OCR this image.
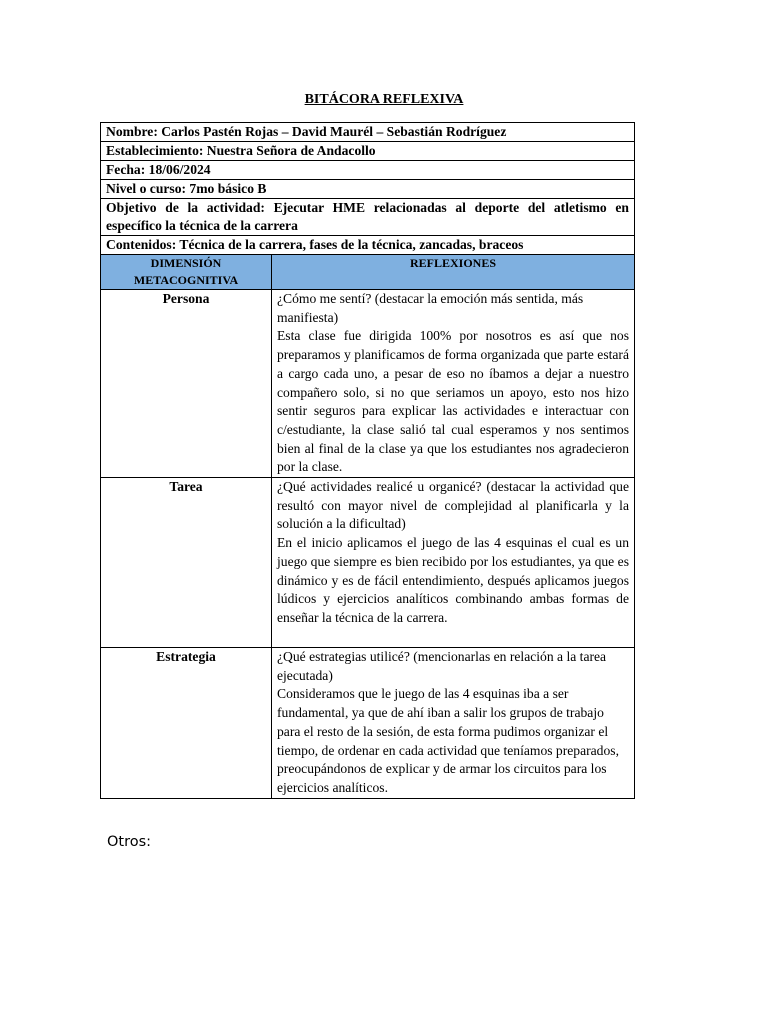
BITÁCORA REFLEXIVA
Nombre: Carlos Pastén Rojas – David Maurél – Sebastián Rodríguez	
Establecimiento: Nuestra Señora de Andacollo	
Fecha: 18/06/2024	
Nivel o curso: 7mo básico B	
Objetivo de la actividad: Ejecutar HME relacionadas al deporte del atletismo en específico la técnica de la carrera	
Contenidos: Técnica de la carrera, fases de la técnica, zancadas, braceos	
DIMENSIÓN METACOGNITIVA	REFLEXIONES
Persona	¿Cómo me sentí? (destacar la emoción más sentida, más manifiesta)

Esta clase fue dirigida 100% por nosotros es así que nos preparamos y planificamos de forma organizada que parte estará a cargo cada uno, a pesar de eso no íbamos a dejar a nuestro compañero solo, si no que seriamos un apoyo, esto nos hizo sentir seguros para explicar las actividades e interactuar con c/estudiante, la clase salió tal cual esperamos y nos sentimos bien al final de la clase ya que los estudiantes nos agradecieron por la clase.

Tarea	¿Qué actividades realicé u organicé? (destacar la actividad que resultó con mayor nivel de complejidad al planificarla y la solución a la dificultad)

En el inicio aplicamos el juego de las 4 esquinas el cual es un juego que siempre es bien recibido por los estudiantes, ya que es dinámico y es de fácil entendimiento, después aplicamos juegos lúdicos y ejercicios analíticos combinando ambas formas de enseñar la técnica de la carrera.

Estrategia	¿Qué estrategias utilicé? (mencionarlas en relación a la tarea ejecutada)

Consideramos que le juego de las 4 esquinas iba a ser fundamental, ya que de ahí iban a salir los grupos de trabajo para el resto de la sesión, de esta forma pudimos organizar el tiempo, de ordenar en cada actividad que teníamos preparados, preocupándonos de explicar y de armar los circuitos para los ejercicios analíticos.

Otros:
